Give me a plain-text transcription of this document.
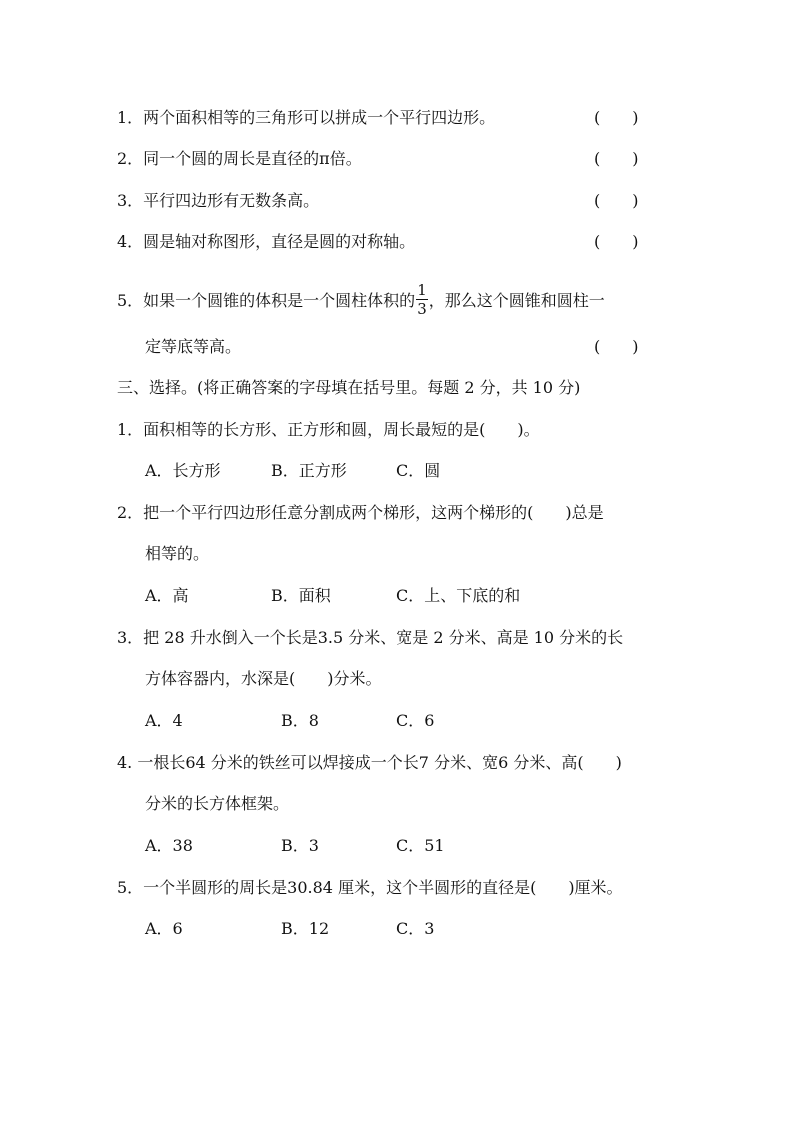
1．两个面积相等的三角形可以拼成一个平行四边形。	(　　)
2．同一个圆的周长是直径的π倍。	(　　)
3．平行四边形有无数条高。	(　　)
4．圆是轴对称图形，直径是圆的对称轴。	(　　)
5．如果一个圆锥的体积是一个圆柱体积的 $\frac{1}{3}$ ，那么这个圆锥和圆柱一
定等底等高。	(　　)
三、选择。(将正确答案的字母填在括号里。每题 2 分，共 10 分)
1．面积相等的长方形、正方形和圆，周长最短的是(　　)。
A．长方形	B．正方形	C．圆
2．把一个平行四边形任意分割成两个梯形，这两个梯形的(　　)总是
相等的。
A．高	B．面积	C．上、下底的和
3．把 28 升水倒入一个长是3.5 分米、宽是 2 分米、高是 10 分米的长
方体容器内，水深是(　　)分米。
A．4	B．8	C．6
4. 一根长64 分米的铁丝可以焊接成一个长7 分米、宽6 分米、高(　　)
分米的长方体框架。
A．38	B．3	C．51
5．一个半圆形的周长是30.84 厘米，这个半圆形的直径是(　　)厘米。
A．6	B．12	C．3
